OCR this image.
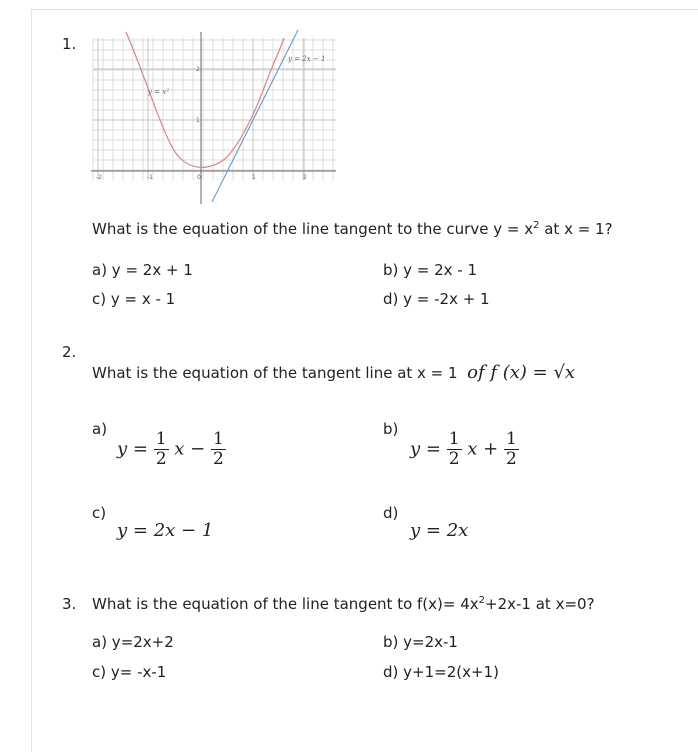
1.
-2	-1	0	1	2
2
1
y = x²
y = 2x − 1
What is the equation of the line tangent to the curve $y = x^2$ at x = 1?
a) y = 2x + 1	b) y = 2x - 1
c) y = x - 1	d) y = -2x + 1
2.
What is the equation of the tangent line at x = 1 of f (x) = √x
a)
$y = \frac{1}{2}$ $x - \frac{1}{2}$
b)
$y = \frac{1}{2}$ $x + \frac{1}{2}$
c)
y = 2x − 1
d)
y = 2x
3. What is the equation of the line tangent to $f(x)= 4x^2+2x-1$ at x=0?
a) y=2x+2	b) y=2x-1
c) y= -x-1	d) y+1=2(x+1)
